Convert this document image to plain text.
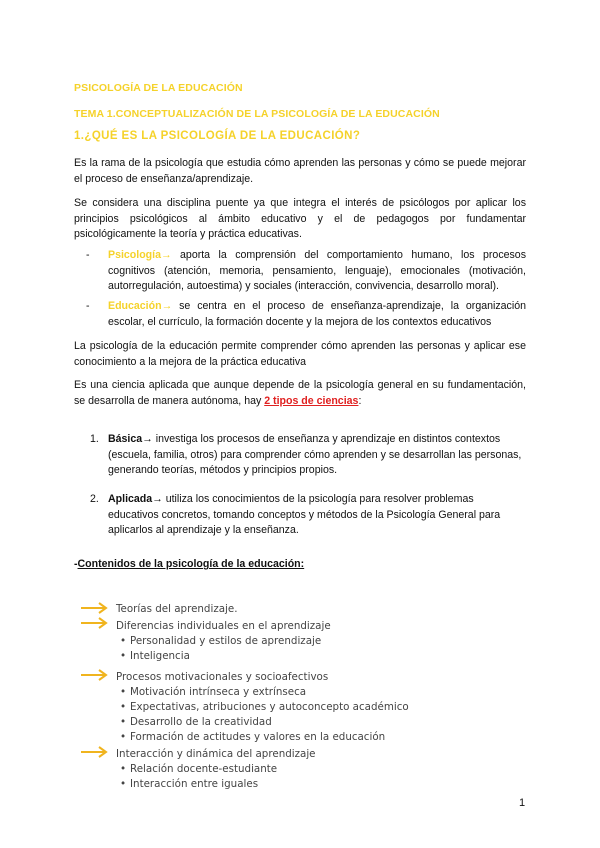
PSICOLOGÍA DE LA EDUCACIÓN
TEMA 1.CONCEPTUALIZACIÓN DE LA PSICOLOGÍA DE LA EDUCACIÓN
1.¿QUÉ ES LA PSICOLOGÍA DE LA EDUCACIÓN?
Es la rama de la psicología que estudia cómo aprenden las personas y cómo se puede mejorar el proceso de enseñanza/aprendizaje.
Se considera una disciplina puente ya que integra el interés de psicólogos por aplicar los principios psicológicos al ámbito educativo y el de pedagogos por fundamentar psicológicamente la teoría y práctica educativas.
- Psicología→ aporta la comprensión del comportamiento humano, los procesos cognitivos (atención, memoria, pensamiento, lenguaje), emocionales (motivación, autorregulación, autoestima) y sociales (interacción, convivencia, desarrollo moral).
- Educación→ se centra en el proceso de enseñanza-aprendizaje, la organización escolar, el currículo, la formación docente y la mejora de los contextos educativos
La psicología de la educación permite comprender cómo aprenden las personas y aplicar ese conocimiento a la mejora de la práctica educativa
Es una ciencia aplicada que aunque depende de la psicología general en su fundamentación, se desarrolla de manera autónoma, hay 2 tipos de ciencias:
1. Básica→ investiga los procesos de enseñanza y aprendizaje en distintos contextos (escuela, familia, otros) para comprender cómo aprenden y se desarrollan las personas, generando teorías, métodos y principios propios.
2. Aplicada→ utiliza los conocimientos de la psicología para resolver problemas educativos concretos, tomando conceptos y métodos de la Psicología General para aplicarlos al aprendizaje y la enseñanza.
-Contenidos de la psicología de la educación:
Teorías del aprendizaje.
Diferencias individuales en el aprendizaje
• Personalidad y estilos de aprendizaje
• Inteligencia
Procesos motivacionales y socioafectivos
• Motivación intrínseca y extrínseca
• Expectativas, atribuciones y autoconcepto académico
• Desarrollo de la creatividad
• Formación de actitudes y valores en la educación
Interacción y dinámica del aprendizaje
• Relación docente-estudiante
• Interacción entre iguales
1
